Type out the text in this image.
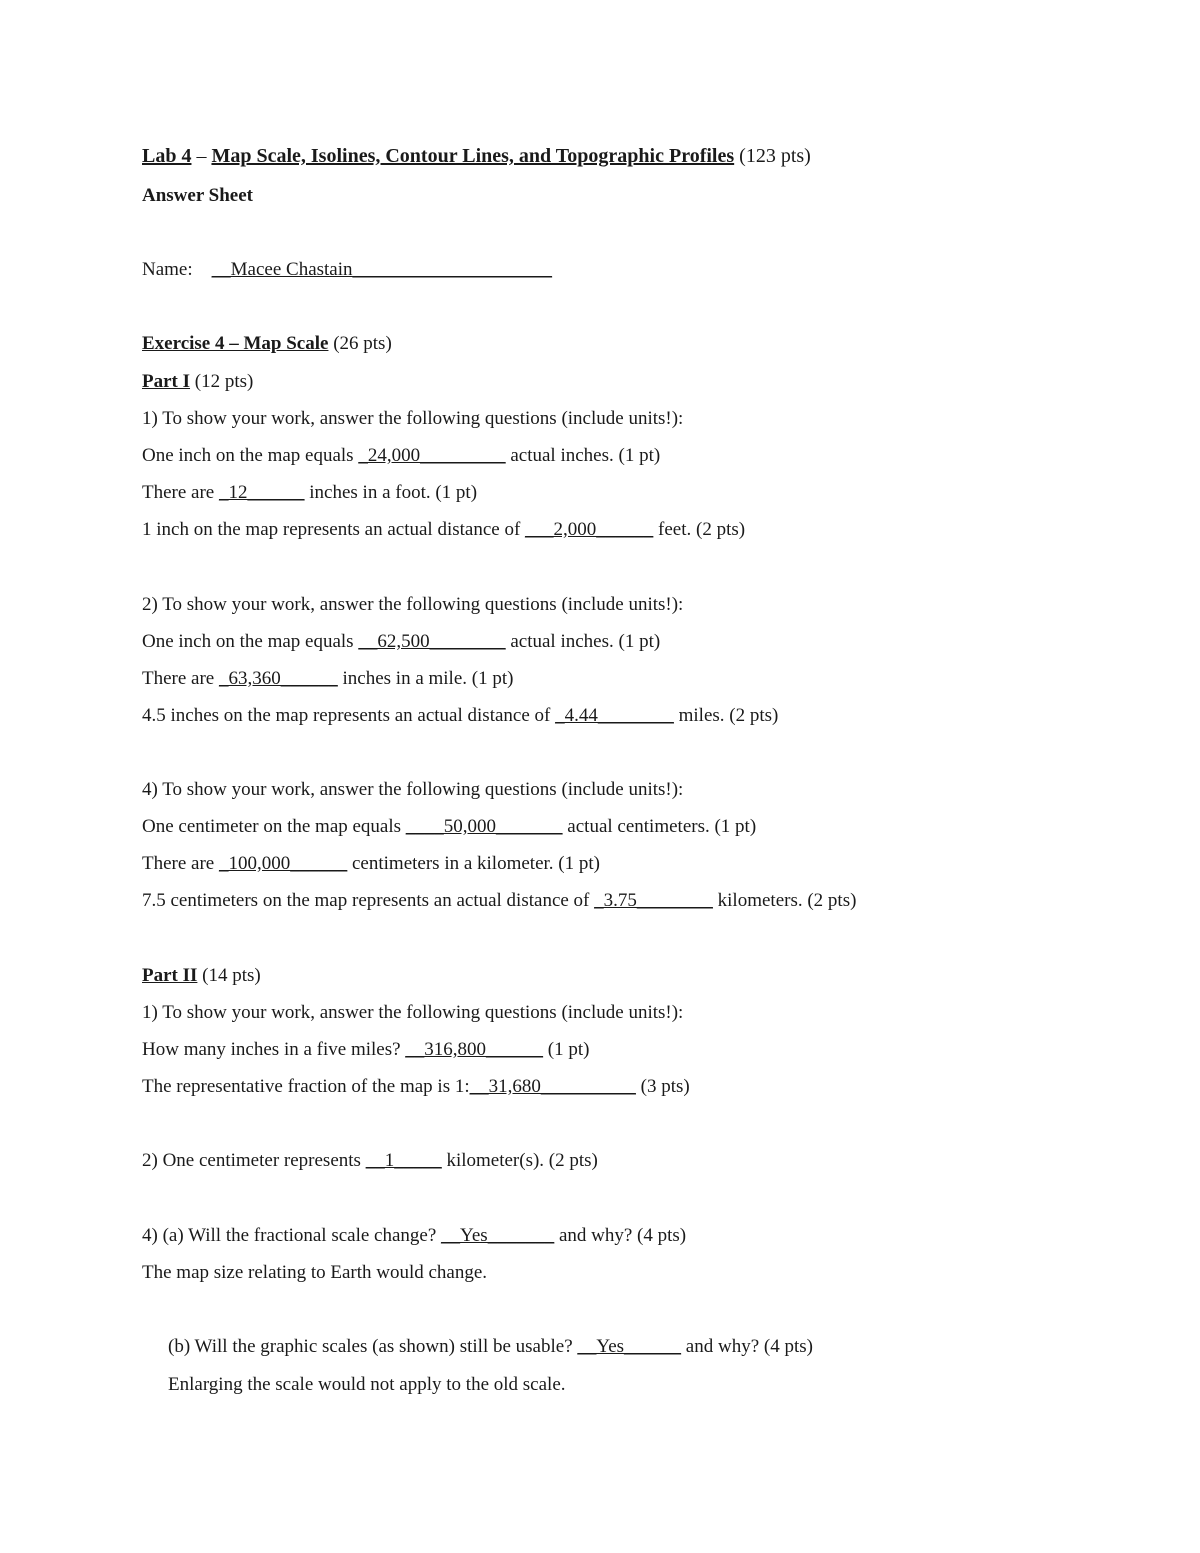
Lab 4 – Map Scale, Isolines, Contour Lines, and Topographic Profiles (123 pts)
Answer Sheet
Name:    __Macee Chastain_____________________
Exercise 4 – Map Scale (26 pts)
Part I (12 pts)
1) To show your work, answer the following questions (include units!):
One inch on the map equals _24,000_________ actual inches. (1 pt)
There are _12______ inches in a foot. (1 pt)
1 inch on the map represents an actual distance of ___2,000______ feet. (2 pts)
2) To show your work, answer the following questions (include units!):
One inch on the map equals __62,500________ actual inches. (1 pt)
There are _63,360______ inches in a mile. (1 pt)
4.5 inches on the map represents an actual distance of _4.44________ miles. (2 pts)
4) To show your work, answer the following questions (include units!):
One centimeter on the map equals ____50,000_______ actual centimeters. (1 pt)
There are _100,000______ centimeters in a kilometer. (1 pt)
7.5 centimeters on the map represents an actual distance of _3.75________ kilometers. (2 pts)
Part II (14 pts)
1) To show your work, answer the following questions (include units!):
How many inches in a five miles? __316,800______ (1 pt)
The representative fraction of the map is 1:__31,680__________ (3 pts)
2) One centimeter represents __1_____ kilometer(s). (2 pts)
4) (a) Will the fractional scale change? __Yes_______ and why? (4 pts)
The map size relating to Earth would change.
(b) Will the graphic scales (as shown) still be usable? __Yes______ and why? (4 pts)
Enlarging the scale would not apply to the old scale.
